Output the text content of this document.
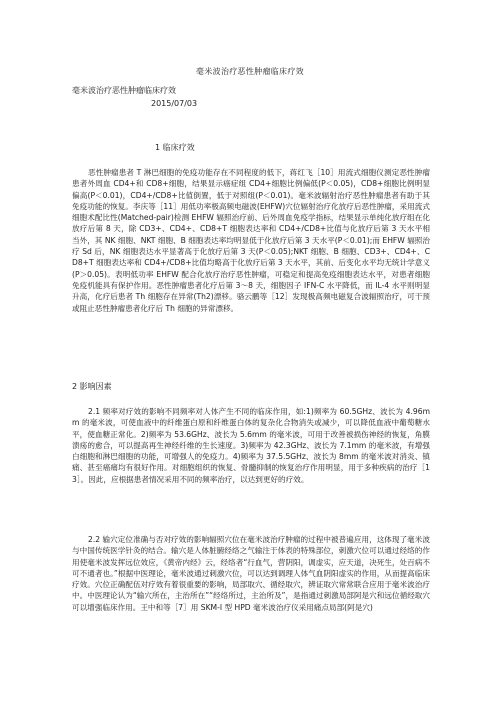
毫米波治疗恶性肿瘤临床疗效
毫米波治疗恶性肿瘤临床疗效
2015/07/03
1 临床疗效

恶性肿瘤患者 T 淋巴细胞的免疫功能存在不同程度的低下，蒋红飞［10］用流式细胞仪测定恶性肿瘤患者外周血 CD4+和 CD8+细胞，结果显示癌症组 CD4+细胞比例偏低(P＜0.05)，CD8+细胞比例明显偏高(P＜0.01)，CD4+/CD8+比值倒置，低于对照组(P＜0.01)。毫米波辐射治疗恶性肿瘤患者有助于其免疫功能的恢复。李庆等［11］用低功率极高频电磁波(EHFW)穴位辐射治疗化放疗后恶性肿瘤，采用流式细胞术配比性(Matched-pair)检测 EHFW 辐照治疗前、后外周血免疫学指标，结果显示单纯化放疗组在化放疗后第 8 天，除 CD3+、CD4+、CD8+T 细胞表达率和 CD4+/CD8+比值与化放疗后第 3 天水平相当外，其 NK 细胞、NKT 细胞、B 细胞表达率均明显低于化放疗后第 3 天水平(P＜0.01);而 EHFW 辐照治疗 Sd 后，NK 细胞表达水平显著高于化放疗后第 3 天(P＜0.05);NKT 细胞、B 细胞、CD3+、CD4+、CD8+T 细胞表达率和 CD4+/CD8+比值均略高于化放疗后第 3 天水平，其前、后变化水平均无统计学意义(P＞0.05)。表明低功率 EHFW 配合化放疗治疗恶性肿瘤，可稳定和提高免疫细胞表达水平，对患者细胞免疫机能具有保护作用。恶性肿瘤患者化疗后第 3～8 天，细胞因子 IFN-C 水平降低，而 IL-4 水平则明显升高，化疗后患者 Th 细胞存在异常(Th2)漂移。骆云鹏等［12］发现极高频电磁复合波辐照治疗，可干预或阻止恶性肿瘤患者化疗后 Th 细胞的异常漂移。

2 影响因素

2.1 频率对疗效的影响不同频率对人体产生不同的临床作用，如:1)频率为 60.5GHz、波长为 4.96mm 的毫米波，可使血液中的纤维蛋白原和纤维蛋白体的复杂化合物消失或减少，可以降低血液中葡萄糖水平，使血糖正常化。2)频率为 53.6GHz、波长为 5.6mm 的毫米波，可用于改善被损伤神经的恢复，角膜溃疡的愈合，可以提高再生神经纤维的生长速度。3)频率为 42.3GHz、波长为 7.1mm 的毫米波，有增强白细胞和淋巴细胞的功能，可增强人的免疫力。4)频率为 37.5.5GHz、波长为 8mm 的毫米波对消炎、镇痛、甚至癌痛均有很好作用。对细胞组织的恢复、骨髓抑制的恢复治疗作用明显，用于多种疾病的治疗［13］。因此，应根据患者情况采用不同的频率治疗，以达到更好的疗效。

2.2 输穴定位准确与否对疗效的影响辐照穴位在毫米波治疗肿瘤的过程中被普遍应用，这体现了毫米波与中国传统医学针灸的结合。输穴是人体脏腑经络之气输注于体表的特殊部位，刺激穴位可以通过经络的作用使毫米波发挥远位效应，《黄帝内经》云，经络者“行血气，营阴阳，调虚实，应天道，决死生，处百病不可不通者也。”根据中医理论，毫米波通过刺激穴位，可以达到调理人体气血阴阳虚实的作用，从而提高临床疗效。穴位正确配伍对疗效有着很重要的影响，局部取穴、循经取穴，辨证取穴常常联合应用于毫米波治疗中。中医理论认为“输穴所在，主治所在”“经络所过，主治所及”，是指通过刺激局部阿是穴和远位循经取穴可以增强临床作用。王中和等［7］用 SKM-I 型 HPD 毫米波治疗仪采用痛点局部(阿是穴)
